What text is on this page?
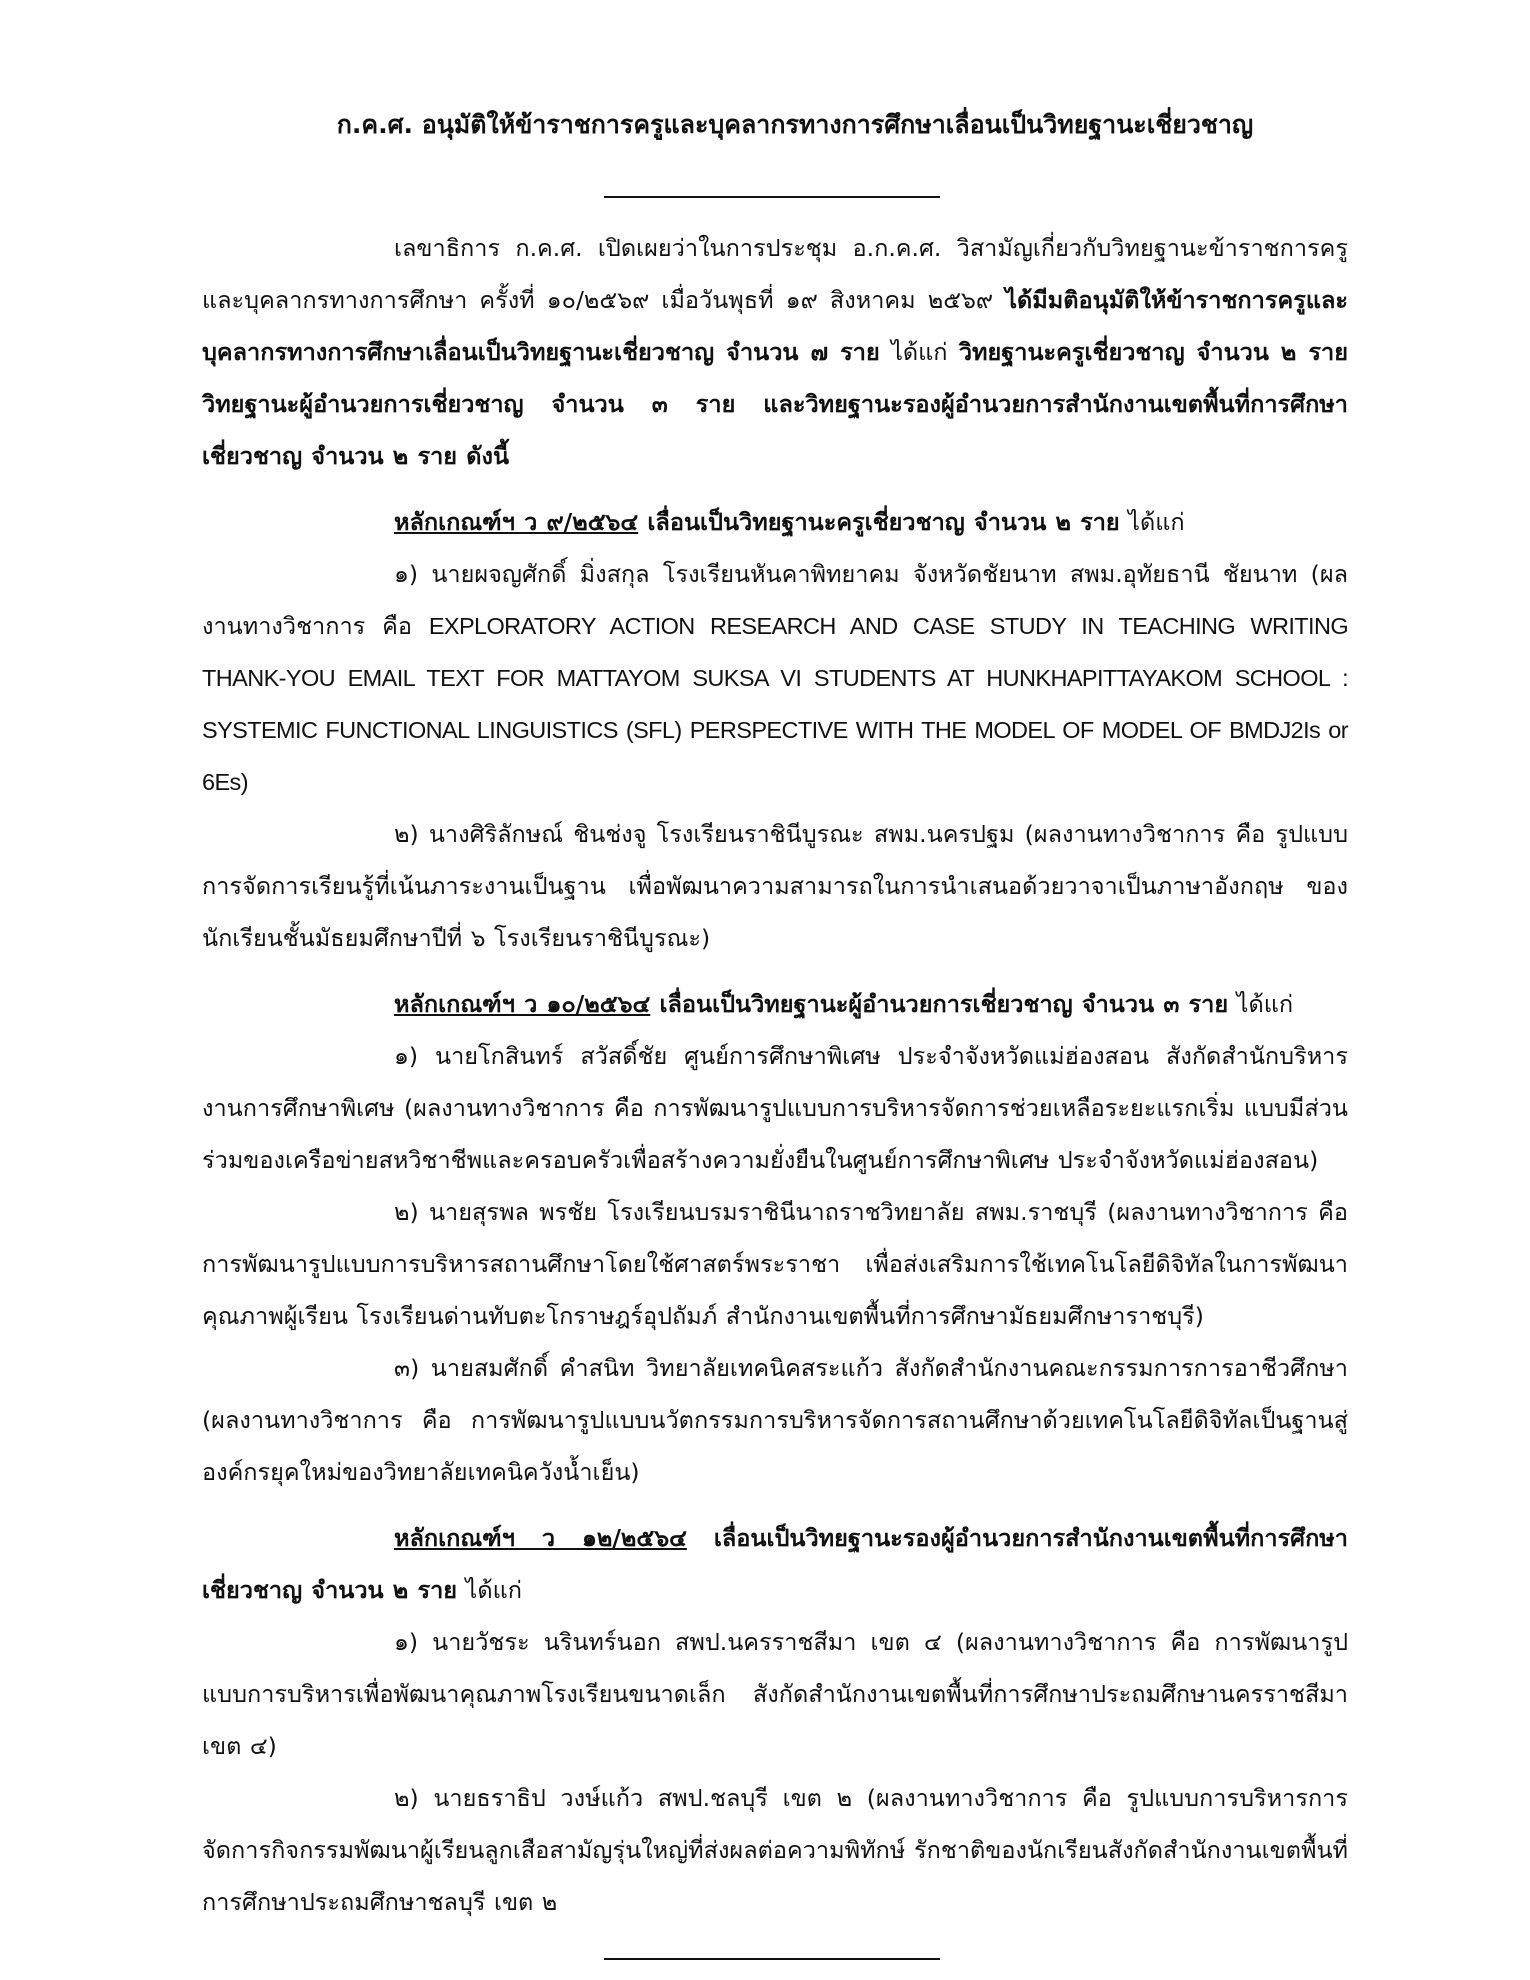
ก.ค.ศ. อนุมัติให้ข้าราชการครูและบุคลากรทางการศึกษาเลื่อนเป็นวิทยฐานะเชี่ยวชาญ

เลขาธิการ ก.ค.ศ. เปิดเผยว่าในการประชุม อ.ก.ค.ศ. วิสามัญเกี่ยวกับวิทยฐานะข้าราชการครูและบุคลากรทางการศึกษา ครั้งที่ ๑๐/๒๕๖๙ เมื่อวันพุธที่ ๑๙ สิงหาคม ๒๕๖๙ ได้มีมติอนุมัติให้ข้าราชการครูและบุคลากรทางการศึกษาเลื่อนเป็นวิทยฐานะเชี่ยวชาญ จำนวน ๗ ราย ได้แก่ วิทยฐานะครูเชี่ยวชาญ จำนวน ๒ ราย วิทยฐานะผู้อำนวยการเชี่ยวชาญ จำนวน ๓ ราย และวิทยฐานะรองผู้อำนวยการสำนักงานเขตพื้นที่การศึกษาเชี่ยวชาญ จำนวน ๒ ราย ดังนี้

หลักเกณฑ์ฯ ว ๙/๒๕๖๔ เลื่อนเป็นวิทยฐานะครูเชี่ยวชาญ จำนวน ๒ ราย ได้แก่

๑) นายผจญศักดิ์ มิ่งสกุล โรงเรียนหันคาพิทยาคม จังหวัดชัยนาท สพม.อุทัยธานี ชัยนาท (ผลงานทางวิชาการ คือ EXPLORATORY ACTION RESEARCH AND CASE STUDY IN TEACHING WRITING THANK-YOU EMAIL TEXT FOR MATTAYOM SUKSA VI STUDENTS AT HUNKHAPITTAYAKOM SCHOOL : SYSTEMIC FUNCTIONAL LINGUISTICS (SFL) PERSPECTIVE WITH THE MODEL OF MODEL OF BMDJ2Is or 6Es)

๒) นางศิริลักษณ์ ชินช่งจู โรงเรียนราชินีบูรณะ สพม.นครปฐม (ผลงานทางวิชาการ คือ รูปแบบการจัดการเรียนรู้ที่เน้นภาระงานเป็นฐาน เพื่อพัฒนาความสามารถในการนำเสนอด้วยวาจาเป็นภาษาอังกฤษ ของนักเรียนชั้นมัธยมศึกษาปีที่ ๖ โรงเรียนราชินีบูรณะ)

หลักเกณฑ์ฯ ว ๑๐/๒๕๖๔ เลื่อนเป็นวิทยฐานะผู้อำนวยการเชี่ยวชาญ จำนวน ๓ ราย ได้แก่

๑) นายโกสินทร์ สวัสดิ์ชัย ศูนย์การศึกษาพิเศษ ประจำจังหวัดแม่ฮ่องสอน สังกัดสำนักบริหารงานการศึกษาพิเศษ (ผลงานทางวิชาการ คือ การพัฒนารูปแบบการบริหารจัดการช่วยเหลือระยะแรกเริ่ม แบบมีส่วนร่วมของเครือข่ายสหวิชาชีพและครอบครัวเพื่อสร้างความยั่งยืนในศูนย์การศึกษาพิเศษ ประจำจังหวัดแม่ฮ่องสอน)

๒) นายสุรพล พรชัย โรงเรียนบรมราชินีนาถราชวิทยาลัย สพม.ราชบุรี (ผลงานทางวิชาการ คือ การพัฒนารูปแบบการบริหารสถานศึกษาโดยใช้ศาสตร์พระราชา เพื่อส่งเสริมการใช้เทคโนโลยีดิจิทัลในการพัฒนาคุณภาพผู้เรียน โรงเรียนด่านทับตะโกราษฎร์อุปถัมภ์ สำนักงานเขตพื้นที่การศึกษามัธยมศึกษาราชบุรี)

๓) นายสมศักดิ์ คำสนิท วิทยาลัยเทคนิคสระแก้ว สังกัดสำนักงานคณะกรรมการการอาชีวศึกษา (ผลงานทางวิชาการ คือ การพัฒนารูปแบบนวัตกรรมการบริหารจัดการสถานศึกษาด้วยเทคโนโลยีดิจิทัลเป็นฐานสู่องค์กรยุคใหม่ของวิทยาลัยเทคนิควังน้ำเย็น)

หลักเกณฑ์ฯ ว ๑๒/๒๕๖๔ เลื่อนเป็นวิทยฐานะรองผู้อำนวยการสำนักงานเขตพื้นที่การศึกษาเชี่ยวชาญ จำนวน ๒ ราย ได้แก่

๑) นายวัชระ นรินทร์นอก สพป.นครราชสีมา เขต ๔ (ผลงานทางวิชาการ คือ การพัฒนารูปแบบการบริหารเพื่อพัฒนาคุณภาพโรงเรียนขนาดเล็ก สังกัดสำนักงานเขตพื้นที่การศึกษาประถมศึกษานครราชสีมา เขต ๔)

๒) นายธราธิป วงษ์แก้ว สพป.ชลบุรี เขต ๒ (ผลงานทางวิชาการ คือ รูปแบบการบริหารการจัดการกิจกรรมพัฒนาผู้เรียนลูกเสือสามัญรุ่นใหญ่ที่ส่งผลต่อความพิทักษ์ รักชาติของนักเรียนสังกัดสำนักงานเขตพื้นที่การศึกษาประถมศึกษาชลบุรี เขต ๒
